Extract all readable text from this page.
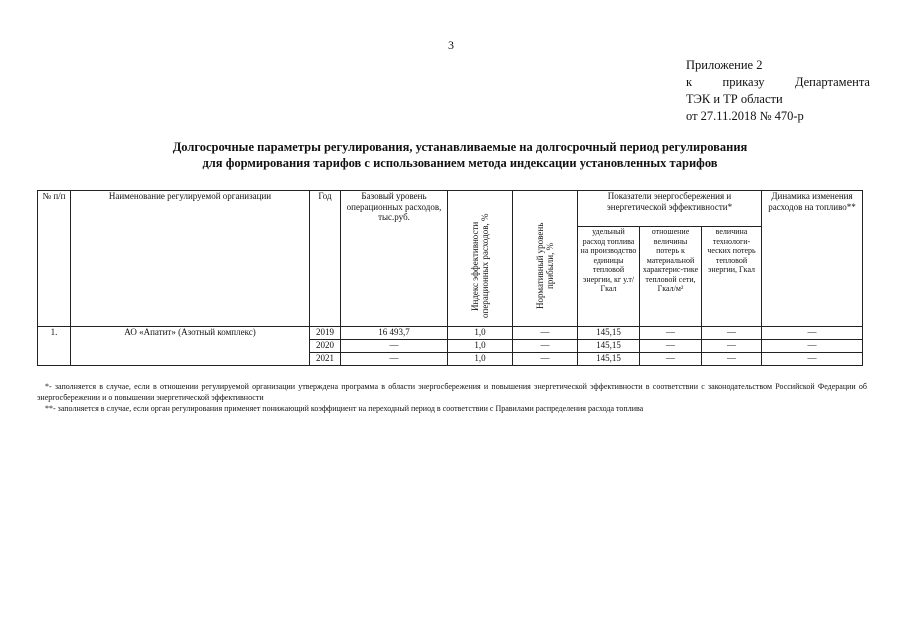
3
Приложение 2
к приказу Департамента
ТЭК и ТР области
от 27.11.2018 № 470-р
Долгосрочные параметры регулирования, устанавливаемые на долгосрочный период регулирования
для формирования тарифов с использованием метода индексации установленных тарифов
№ п/п	Наименование регулируемой организации	Год	Базовый уровень операционных расходов, тыс.руб.	Индекс эффективности операционных расходов, %	Нормативный уровень прибыли, %	Показатели энергосбережения и энергетической эффективности*			Динамика изменения расходов на топливо**
						удельный расход топлива на производство единицы тепловой энергии, кг у.т/Гкал	отношение величины потерь к материальной характерис-тике тепловой сети, Гкал/м²	величина технологи-ческих потерь тепловой энергии, Гкал	
1.	АО «Апатит» (Азотный комплекс)	2019	16 493,7	1,0	—	145,15	—	—	—
		2020	—	1,0	—	145,15	—	—	—
		2021	—	1,0	—	145,15	—	—	—
*- заполняется в случае, если в отношении регулируемой организации утверждена программа в области энергосбережения и повышения энергетической эффективности в соответствии с законодательством Российской Федерации об энергосбережении и о повышении энергетической эффективности
**- заполняется в случае, если орган регулирования применяет понижающий коэффициент на переходный период в соответствии с Правилами распределения расхода топлива
